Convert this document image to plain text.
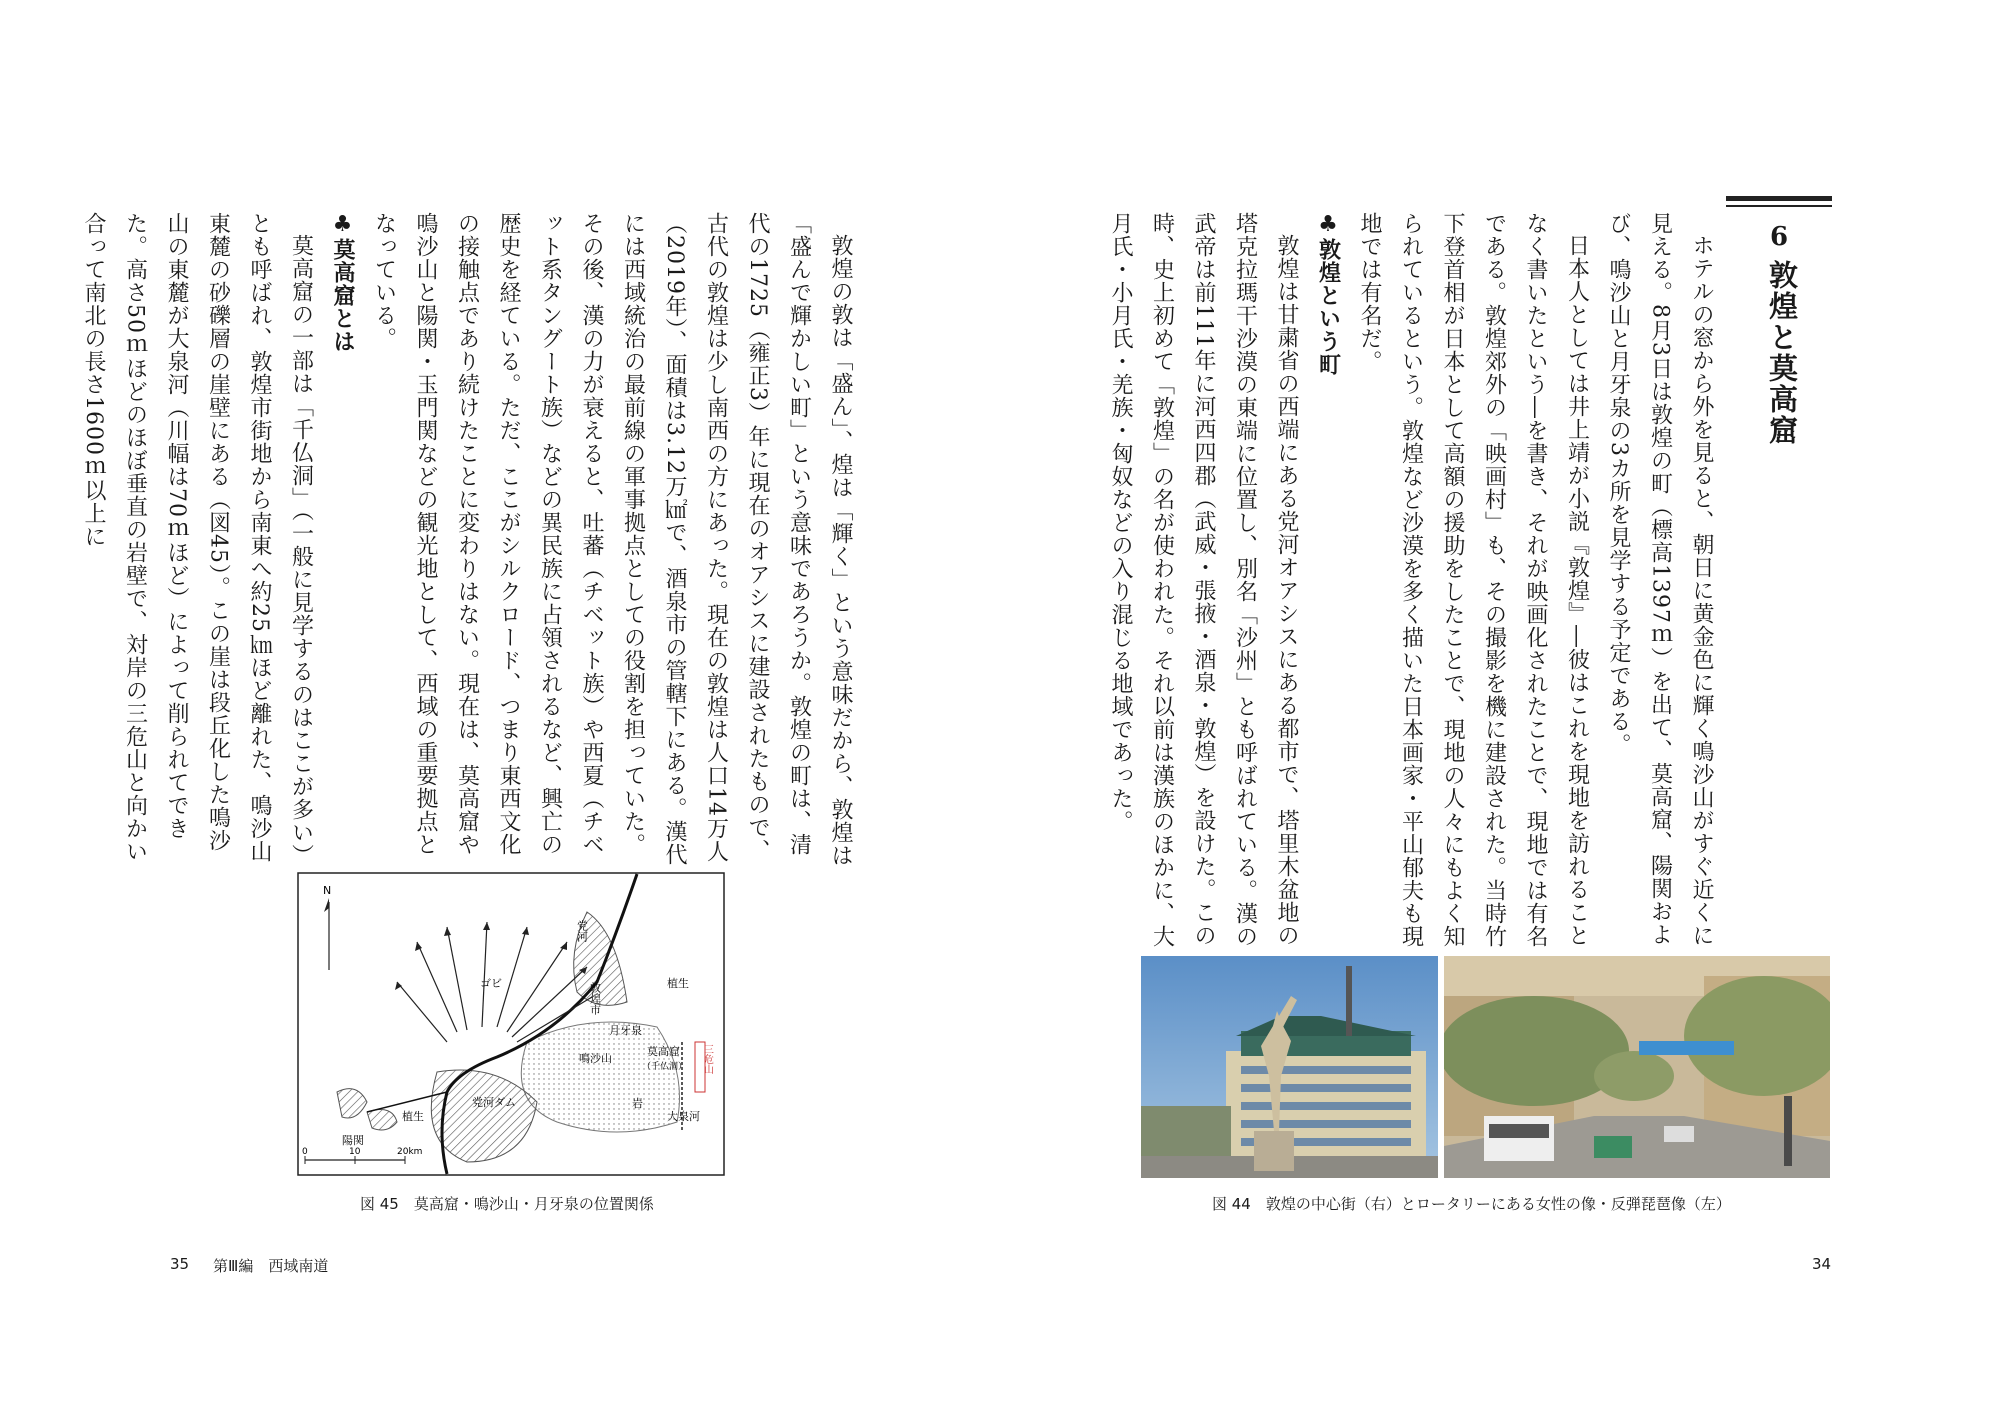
6
敦煌と莫高窟

ホテルの窓から外を見ると、朝日に黄金色に輝く鳴沙山がすぐ近くに見える。8月3日は敦煌の町（標高1397ｍ）を出て、莫高窟、陽関および、鳴沙山と月牙泉の3カ所を見学する予定である。

日本人としては井上靖が小説『敦煌』―彼はこれを現地を訪れることなく書いたという―を書き、それが映画化されたことで、現地では有名である。敦煌郊外の「映画村」も、その撮影を機に建設された。当時竹下登首相が日本として高額の援助をしたことで、現地の人々にもよく知られているという。敦煌など沙漠を多く描いた日本画家・平山郁夫も現地では有名だ。

♣敦煌という町

敦煌は甘粛省の西端にある党河オアシスにある都市で、塔里木盆地の塔克拉瑪干沙漠の東端に位置し、別名「沙州」とも呼ばれている。漢の武帝は前111年に河西四郡（武威・張掖・酒泉・敦煌）を設けた。この時、史上初めて「敦煌」の名が使われた。それ以前は漢族のほかに、大月氏・小月氏・羌族・匈奴などの入り混じる地域であった。

図 44　敦煌の中心街（右）とロータリーにある女性の像・反弾琵琶像（左）

敦煌の敦は「盛ん」、煌は「輝く」という意味だから、敦煌は「盛んで輝かしい町」という意味であろうか。敦煌の町は、清代の1725（雍正3）年に現在のオアシスに建設されたもので、古代の敦煌は少し南西の方にあった。現在の敦煌は人口14万人（2019年）、面積は3.12万㎢で、酒泉市の管轄下にある。漢代には西域統治の最前線の軍事拠点としての役割を担っていた。その後、漢の力が衰えると、吐蕃（チベット族）や西夏（チベット系タングート族）などの異民族に占領されるなど、興亡の歴史を経ている。ただ、ここがシルクロード、つまり東西文化の接触点であり続けたことに変わりはない。現在は、莫高窟や鳴沙山と陽関・玉門関などの観光地として、西域の重要拠点となっている。

♣莫高窟とは

莫高窟の一部は「千仏洞」（一般に見学するのはここが多い）とも呼ばれ、敦煌市街地から南東へ約25㎞ほど離れた、鳴沙山東麓の砂礫層の崖壁にある（図45）。この崖は段丘化した鳴沙山の東麓が大泉河（川幅は70ｍほど）によって削られてできた。高さ50ｍほどのほぼ垂直の岩壁で、対岸の三危山と向かい合って南北の長さ1600ｍ以上に

N
党河
敦煌市
ゴビ	植生
月牙泉
鳴沙山
莫高窟
（千仏洞） 三危山
党河ダム	岩
大泉河
植生
陽関
0	10	20km
図 45　莫高窟・鳴沙山・月牙泉の位置関係
35 第Ⅲ編　西域南道	34
